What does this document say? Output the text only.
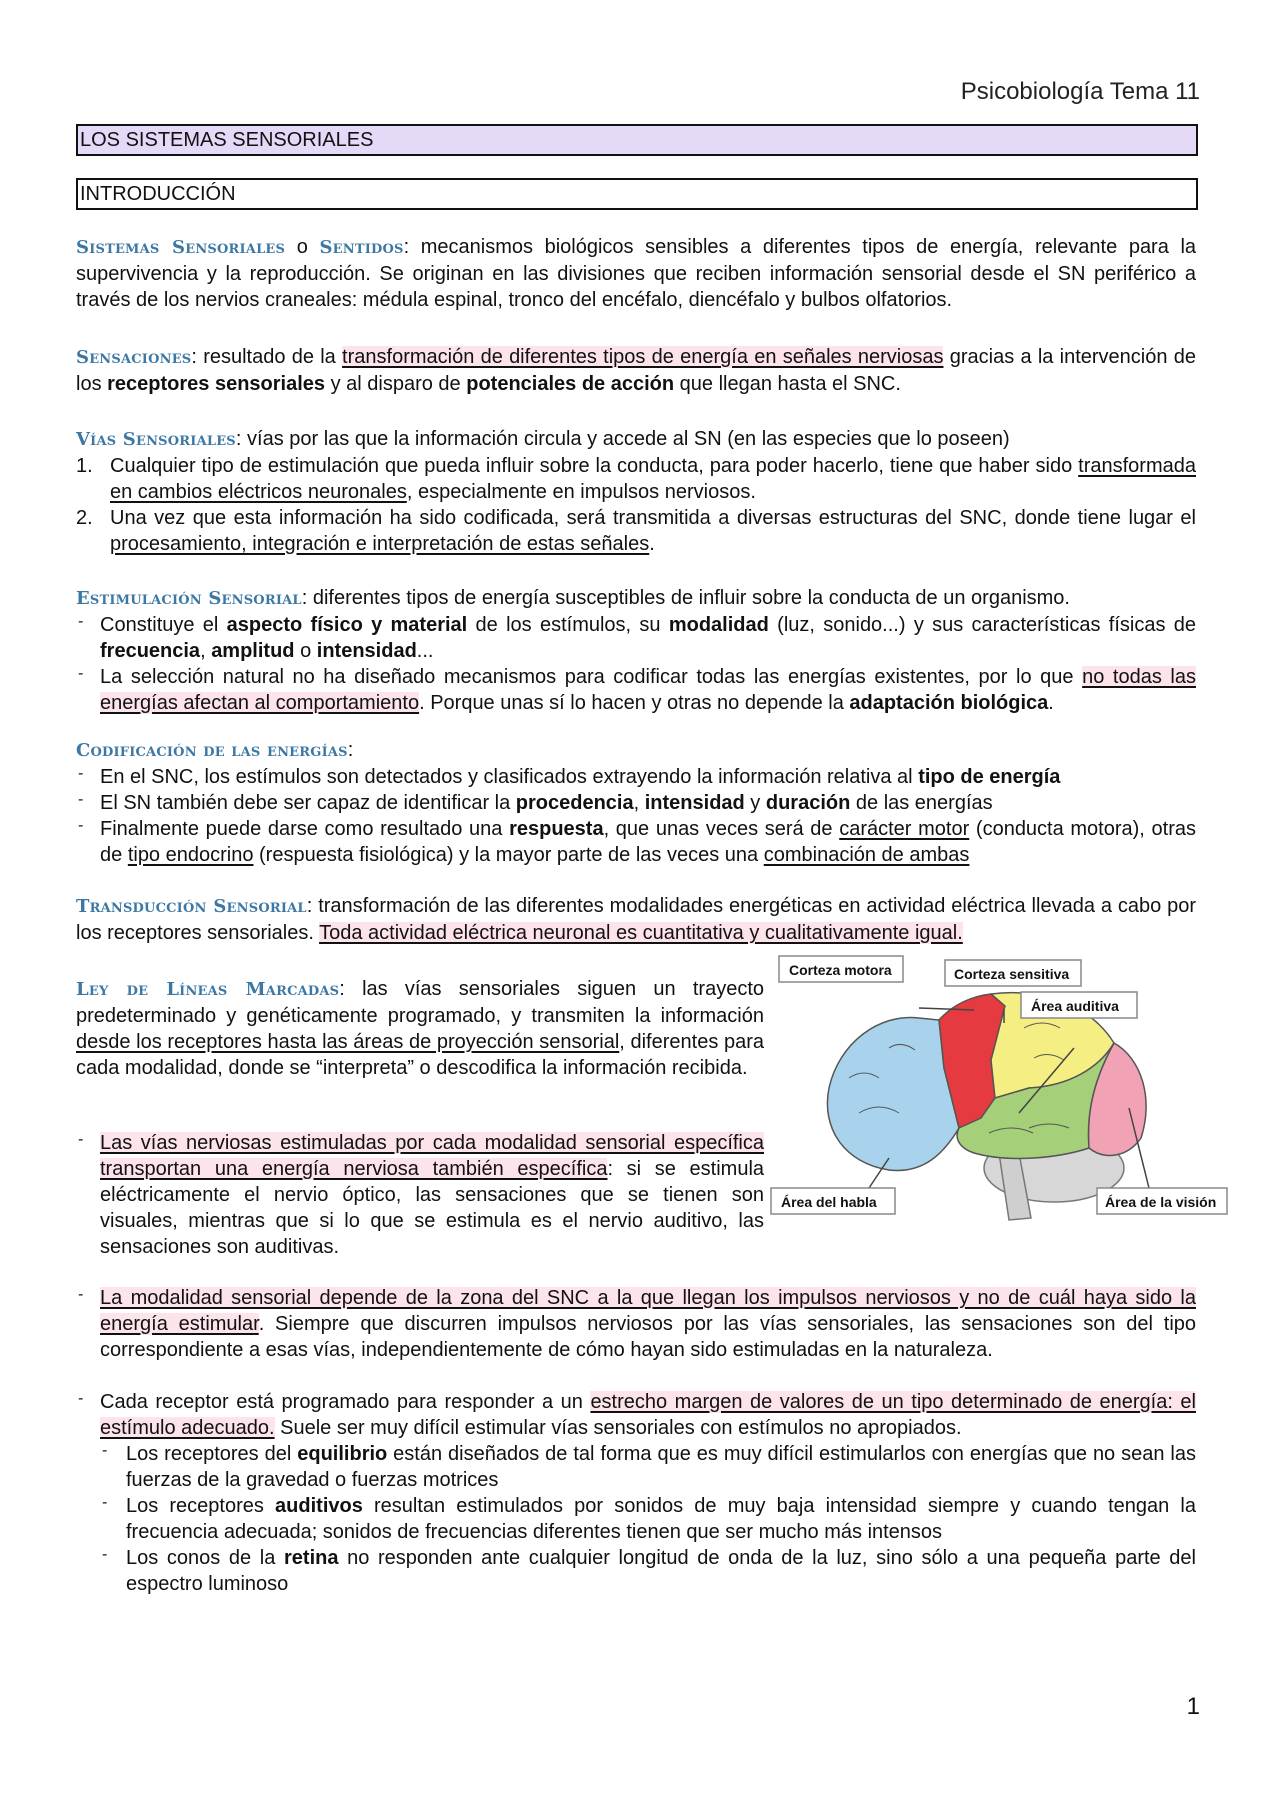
Psicobiología Tema 11
LOS SISTEMAS SENSORIALES
INTRODUCCIÓN
Sistemas Sensoriales o Sentidos: mecanismos biológicos sensibles a diferentes tipos de energía, relevante para la supervivencia y la reproducción. Se originan en las divisiones que reciben información sensorial desde el SN periférico a través de los nervios craneales: médula espinal, tronco del encéfalo, diencéfalo y bulbos olfatorios.
Sensaciones: resultado de la transformación de diferentes tipos de energía en señales nerviosas gracias a la intervención de los receptores sensoriales y al disparo de potenciales de acción que llegan hasta el SNC.
Vías Sensoriales: vías por las que la información circula y accede al SN (en las especies que lo poseen)
1. Cualquier tipo de estimulación que pueda influir sobre la conducta, para poder hacerlo, tiene que haber sido transformada en cambios eléctricos neuronales, especialmente en impulsos nerviosos.
2. Una vez que esta información ha sido codificada, será transmitida a diversas estructuras del SNC, donde tiene lugar el procesamiento, integración e interpretación de estas señales.
Estimulación Sensorial: diferentes tipos de energía susceptibles de influir sobre la conducta de un organismo.
- Constituye el aspecto físico y material de los estímulos, su modalidad (luz, sonido...) y sus características físicas de frecuencia, amplitud o intensidad...
- La selección natural no ha diseñado mecanismos para codificar todas las energías existentes, por lo que no todas las energías afectan al comportamiento. Porque unas sí lo hacen y otras no depende la adaptación biológica.
Codificación de las energías:
- En el SNC, los estímulos son detectados y clasificados extrayendo la información relativa al tipo de energía
- El SN también debe ser capaz de identificar la procedencia, intensidad y duración de las energías
- Finalmente puede darse como resultado una respuesta, que unas veces será de carácter motor (conducta motora), otras de tipo endocrino (respuesta fisiológica) y la mayor parte de las veces una combinación de ambas
Transducción Sensorial: transformación de las diferentes modalidades energéticas en actividad eléctrica llevada a cabo por los receptores sensoriales. Toda actividad eléctrica neuronal es cuantitativa y cualitativamente igual.
Ley de Líneas Marcadas: las vías sensoriales siguen un trayecto predeterminado y genéticamente programado, y transmiten la información desde los receptores hasta las áreas de proyección sensorial, diferentes para cada modalidad, donde se “interpreta” o descodifica la información recibida.
- Las vías nerviosas estimuladas por cada modalidad sensorial específica transportan una energía nerviosa también específica: si se estimula eléctricamente el nervio óptico, las sensaciones que se tienen son visuales, mientras que si lo que se estimula es el nervio auditivo, las sensaciones son auditivas.
- La modalidad sensorial depende de la zona del SNC a la que llegan los impulsos nerviosos y no de cuál haya sido la energía estimular. Siempre que discurren impulsos nerviosos por las vías sensoriales, las sensaciones son del tipo correspondiente a esas vías, independientemente de cómo hayan sido estimuladas en la naturaleza.
- Cada receptor está programado para responder a un estrecho margen de valores de un tipo determinado de energía: el estímulo adecuado. Suele ser muy difícil estimular vías sensoriales con estímulos no apropiados.
- Los receptores del equilibrio están diseñados de tal forma que es muy difícil estimularlos con energías que no sean las fuerzas de la gravedad o fuerzas motrices
- Los receptores auditivos resultan estimulados por sonidos de muy baja intensidad siempre y cuando tengan la frecuencia adecuada; sonidos de frecuencias diferentes tienen que ser mucho más intensos
- Los conos de la retina no responden ante cualquier longitud de onda de la luz, sino sólo a una pequeña parte del espectro luminoso
Corteza motora	Corteza sensitiva
Área auditiva
Área del habla	Área de la visión
1
